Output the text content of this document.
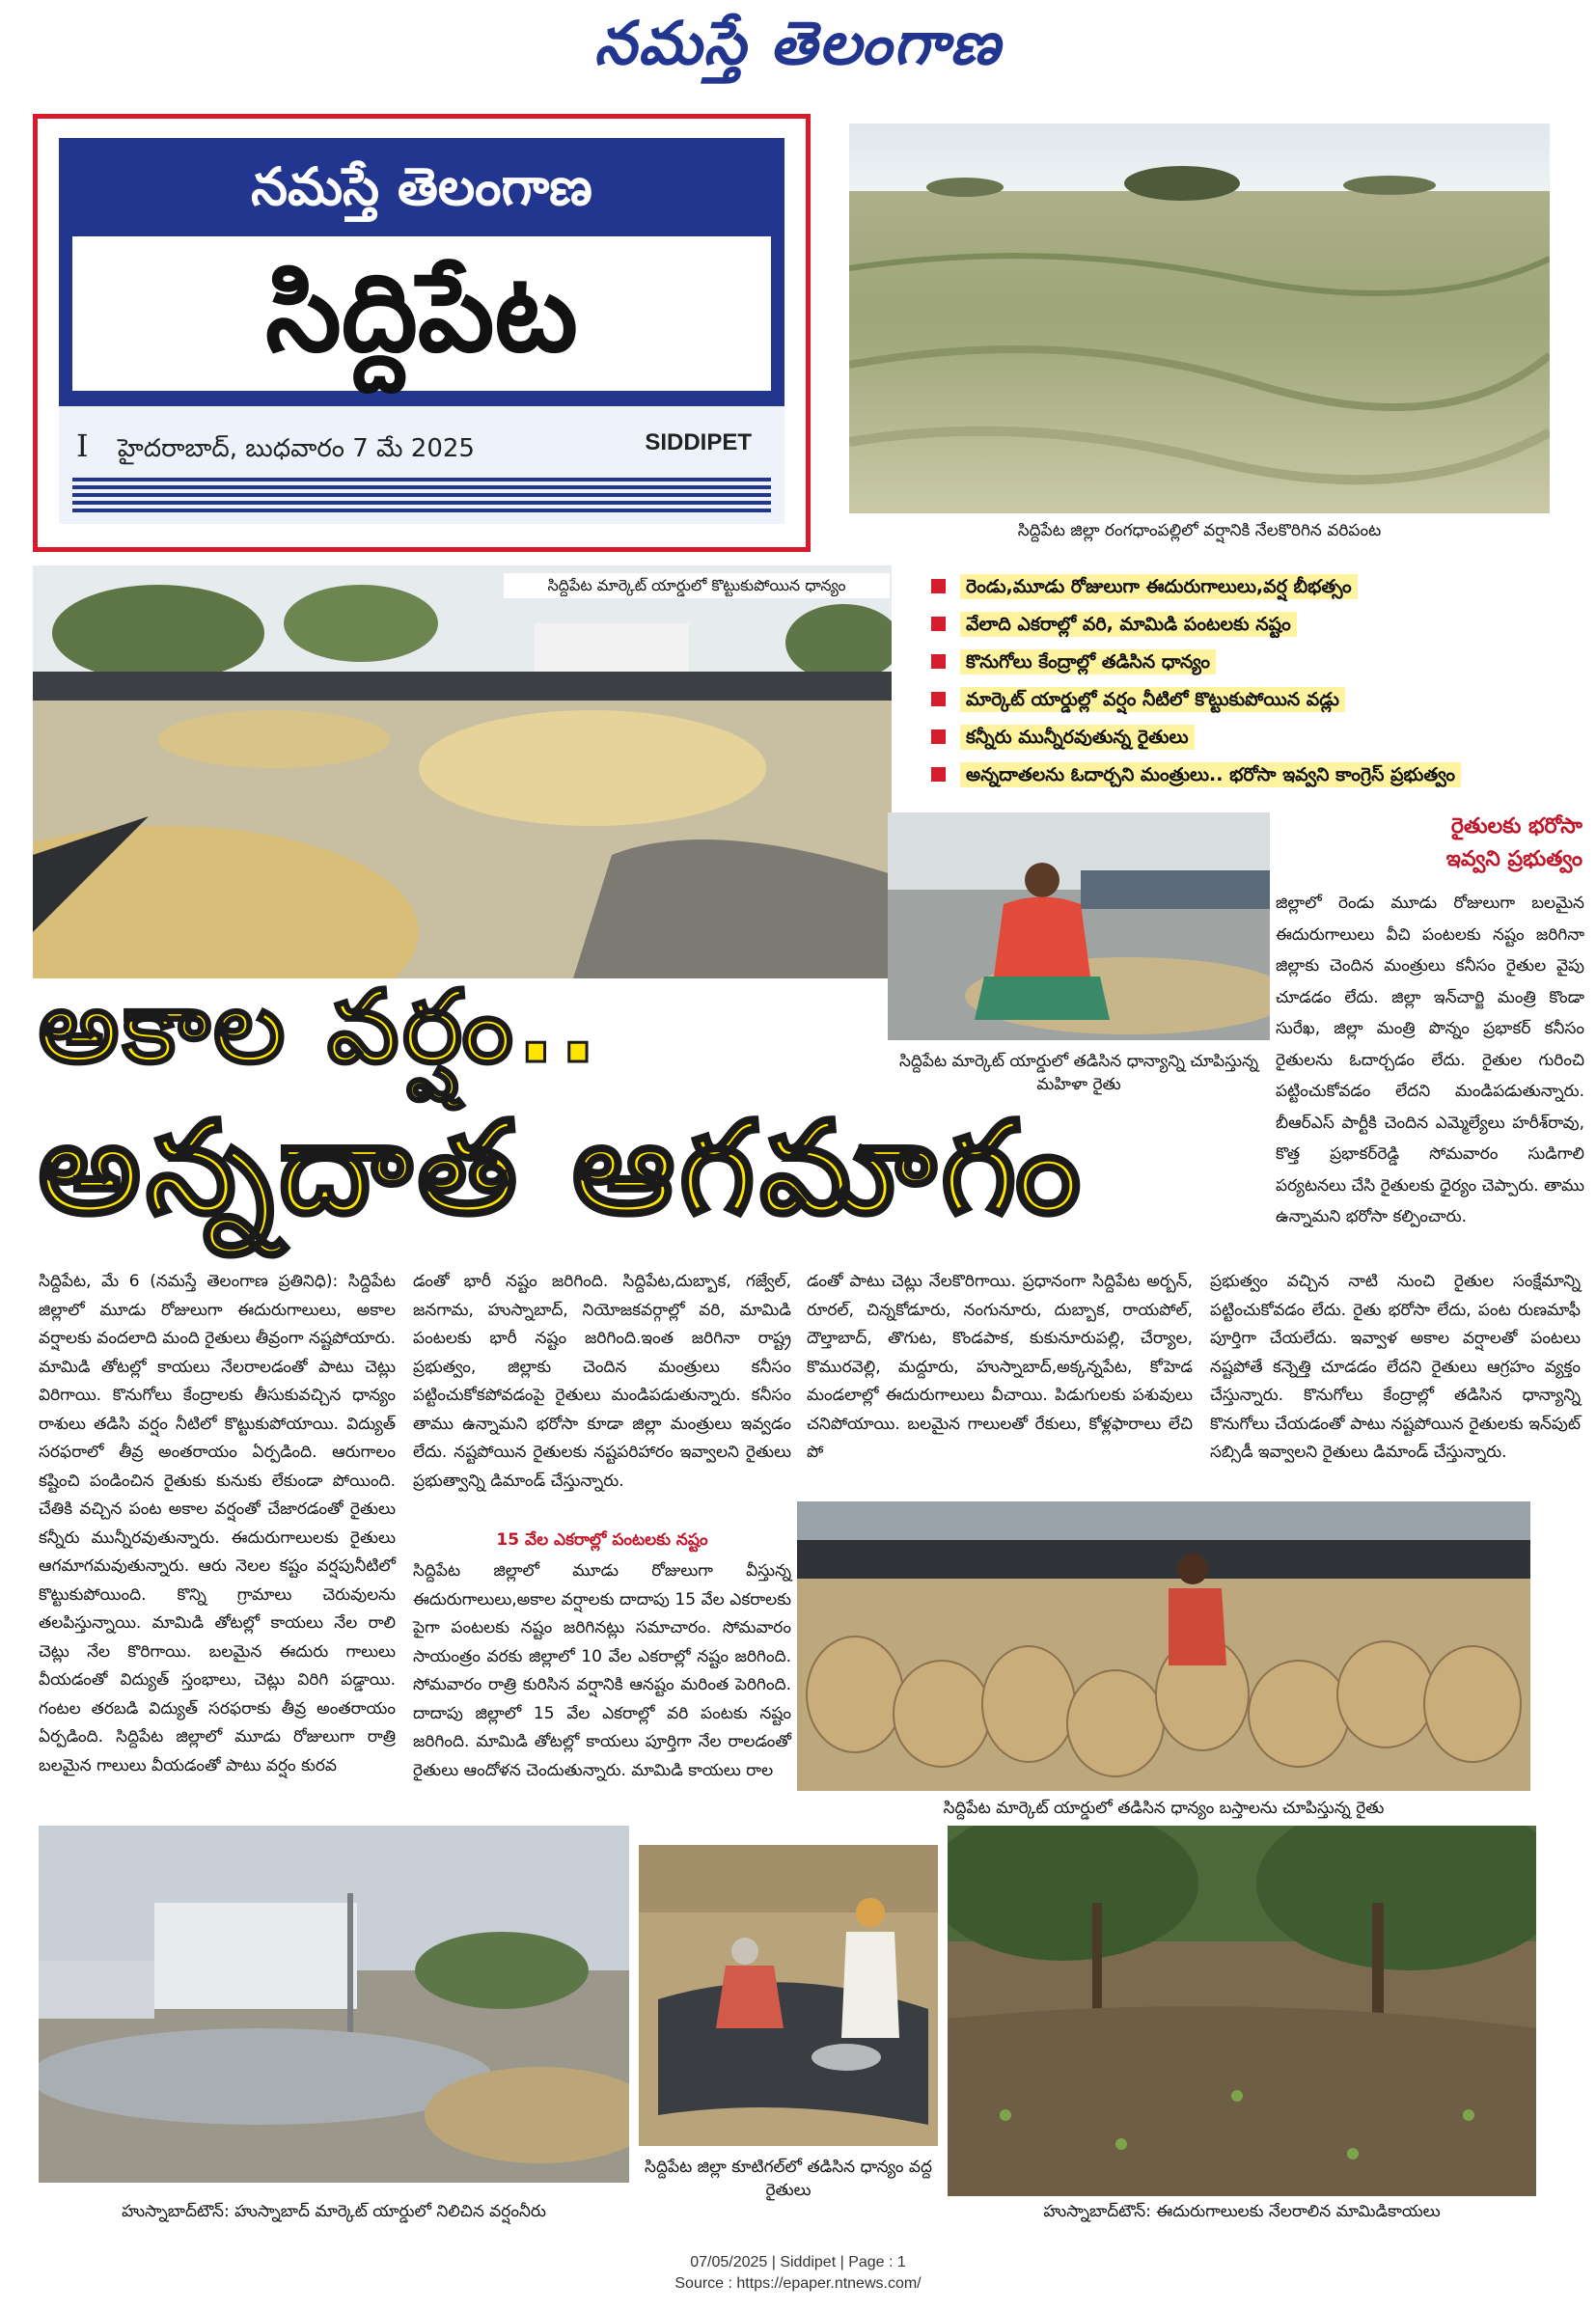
నమస్తే తెలంగాణ
నమస్తే తెలంగాణ
సిద్దిపేట
I హైదరాబాద్, బుధవారం 7 మే 2025	SIDDIPET
సిద్దిపేట జిల్లా రంగధాంపల్లిలో వర్షానికి నేలకొరిగిన వరిపంట
సిద్దిపేట మార్కెట్ యార్డులో కొట్టుకుపోయిన ధాన్యం	రెండు,మూడు రోజులుగా ఈదురుగాలులు,వర్ష బీభత్సం
వేలాది ఎకరాల్లో వరి, మామిడి పంటలకు నష్టం
కొనుగోలు కేంద్రాల్లో తడిసిన ధాన్యం
మార్కెట్ యార్డుల్లో వర్షం నీటిలో కొట్టుకుపోయిన వడ్లు
కన్నీరు మున్నీరవుతున్న రైతులు
అన్నదాతలను ఓదార్చని మంత్రులు.. భరోసా ఇవ్వని కాంగ్రెస్ ప్రభుత్వం
సిద్దిపేట మార్కెట్ యార్డులో తడిసిన ధాన్యాన్ని చూపిస్తున్న మహిళా రైతు
రైతులకు భరోసా
ఇవ్వని ప్రభుత్వం
జిల్లాలో రెండు మూడు రోజులుగా బలమైన ఈదురుగాలులు వీచి పంటలకు నష్టం జరిగినా జిల్లాకు చెందిన మంత్రులు కనీసం రైతుల వైపు చూడడం లేదు. జిల్లా ఇన్‌చార్జి మంత్రి కొండా సురేఖ, జిల్లా మంత్రి పొన్నం ప్రభాకర్ కనీసం రైతులను ఓదార్చడం లేదు. రైతుల గురించి పట్టించుకోవడం లేదని మండిపడుతున్నారు. బీఆర్ఎస్ పార్టీకి చెందిన ఎమ్మెల్యేలు హరీశ్‌రావు, కొత్త ప్రభాకర్‌రెడ్డి సోమవారం సుడిగాలి పర్యటనలు చేసి రైతులకు ధైర్యం చెప్పారు. తాము ఉన్నామని భరోసా కల్పించారు.
అకాల వర్షం..
అన్నదాత ఆగమాగం
సిద్దిపేట, మే 6 (నమస్తే తెలంగాణ ప్రతినిధి): సిద్దిపేట జిల్లాలో మూడు రోజులుగా ఈదురుగాలులు, అకాల వర్షాలకు వందలాది మంది రైతులు తీవ్రంగా నష్టపోయారు. మామిడి తోటల్లో కాయలు నేలరాలడంతో పాటు చెట్లు విరిగాయి. కొనుగోలు కేంద్రాలకు తీసుకువచ్చిన ధాన్యం రాశులు తడిసి వర్షం నీటిలో కొట్టుకుపోయాయి. విద్యుత్ సరఫరాలో తీవ్ర అంతరాయం ఏర్పడింది. ఆరుగాలం కష్టించి పండించిన రైతుకు కునుకు లేకుండా పోయింది. చేతికి వచ్చిన పంట అకాల వర్షంతో చేజారడంతో రైతులు కన్నీరు మున్నీరవుతున్నారు. ఈదురుగాలులకు రైతులు ఆగమాగమవుతున్నారు. ఆరు నెలల కష్టం వర్షపునీటిలో కొట్టుకుపోయింది. కొన్ని గ్రామాలు చెరువులను తలపిస్తున్నాయి. మామిడి తోటల్లో కాయలు నేల రాలి చెట్లు నేల కొరిగాయి. బలమైన ఈదురు గాలులు వీయడంతో విద్యుత్ స్తంభాలు, చెట్లు విరిగి పడ్డాయి. గంటల తరబడి విద్యుత్ సరఫరాకు తీవ్ర అంతరాయం ఏర్పడింది. సిద్దిపేట జిల్లాలో మూడు రోజులుగా రాత్రి బలమైన గాలులు వీయడంతో పాటు వర్షం కురవ
డంతో భారీ నష్టం జరిగింది. సిద్దిపేట,దుబ్బాక, గజ్వేల్, జనగామ, హుస్నాబాద్, నియోజకవర్గాల్లో వరి, మామిడి పంటలకు భారీ నష్టం జరిగింది.ఇంత జరిగినా రాష్ట్ర ప్రభుత్వం, జిల్లాకు చెందిన మంత్రులు కనీసం పట్టించుకోకపోవడంపై రైతులు మండిపడుతున్నారు. కనీసం తాము ఉన్నామని భరోసా కూడా జిల్లా మంత్రులు ఇవ్వడం లేదు. నష్టపోయిన రైతులకు నష్టపరిహారం ఇవ్వాలని రైతులు ప్రభుత్వాన్ని డిమాండ్ చేస్తున్నారు.
15 వేల ఎకరాల్లో పంటలకు నష్టం
సిద్దిపేట జిల్లాలో మూడు రోజులుగా వీస్తున్న ఈదురుగాలులు,అకాల వర్షాలకు దాదాపు 15 వేల ఎకరాలకు పైగా పంటలకు నష్టం జరిగినట్లు సమాచారం. సోమవారం సాయంత్రం వరకు జిల్లాలో 10 వేల ఎకరాల్లో నష్టం జరిగింది. సోమవారం రాత్రి కురిసిన వర్షానికి ఆనష్టం మరింత పెరిగింది. దాదాపు జిల్లాలో 15 వేల ఎకరాల్లో వరి పంటకు నష్టం జరిగింది. మామిడి తోటల్లో కాయలు పూర్తిగా నేల రాలడంతో రైతులు ఆందోళన చెందుతున్నారు. మామిడి కాయలు రాల
డంతో పాటు చెట్లు నేలకొరిగాయి. ప్రధానంగా సిద్దిపేట అర్బన్, రూరల్, చిన్నకోడూరు, నంగునూరు, దుబ్బాక, రాయపోల్, దౌల్తాబాద్, తొగుట, కొండపాక, కుకునూరుపల్లి, చేర్యాల, కొమురవెల్లి, మద్దూరు, హుస్నాబాద్,అక్కన్నపేట, కోహెడ మండలాల్లో ఈదురుగాలులు వీచాయి. పిడుగులకు పశువులు చనిపోయాయి. బలమైన గాలులతో రేకులు, కోళ్లఫారాలు లేచి పో
ప్రభుత్వం వచ్చిన నాటి నుంచి రైతుల సంక్షేమాన్ని పట్టించుకోవడం లేదు. రైతు భరోసా లేదు, పంట రుణమాఫీ పూర్తిగా చేయలేదు. ఇవ్వాళ అకాల వర్షాలతో పంటలు నష్టపోతే కన్నెత్తి చూడడం లేదని రైతులు ఆగ్రహం వ్యక్తం చేస్తున్నారు. కొనుగోలు కేంద్రాల్లో తడిసిన ధాన్యాన్ని కొనుగోలు చేయడంతో పాటు నష్టపోయిన రైతులకు ఇన్‌పుట్ సబ్సిడీ ఇవ్వాలని రైతులు డిమాండ్ చేస్తున్నారు.
సిద్దిపేట మార్కెట్ యార్డులో తడిసిన ధాన్యం బస్తాలను చూపిస్తున్న రైతు
హుస్నాబాద్‌టౌన్: హుస్నాబాద్ మార్కెట్ యార్డులో నిలిచిన వర్షంనీరు
సిద్దిపేట జిల్లా కూటిగల్‌లో తడిసిన ధాన్యం వద్ద రైతులు
హుస్నాబాద్‌టౌన్: ఈదురుగాలులకు నేలరాలిన మామిడికాయలు
07/05/2025 | Siddipet | Page : 1
Source : https://epaper.ntnews.com/
